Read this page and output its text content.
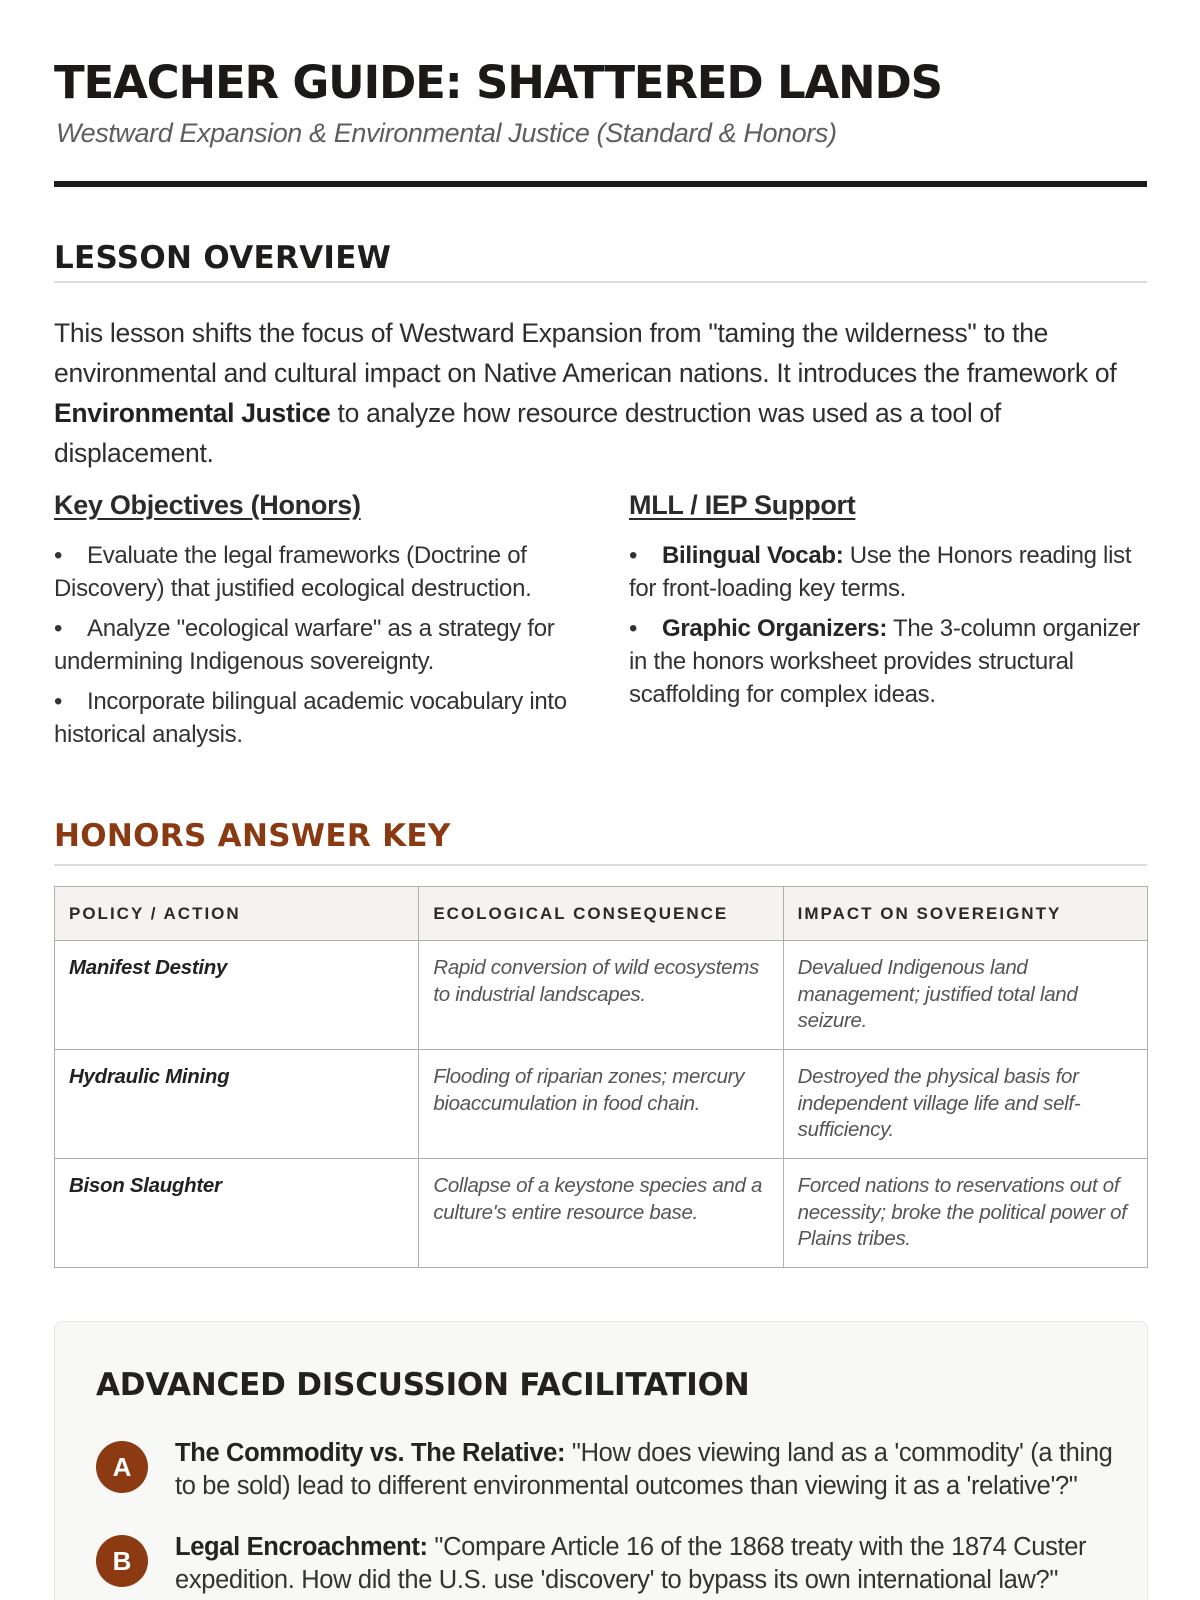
TEACHER GUIDE: SHATTERED LANDS
Westward Expansion & Environmental Justice (Standard & Honors)
LESSON OVERVIEW

This lesson shifts the focus of Westward Expansion from "taming the wilderness" to the environmental and cultural impact on Native American nations. It introduces the framework of Environmental Justice to analyze how resource destruction was used as a tool of displacement.

Key Objectives (Honors)
• Evaluate the legal frameworks (Doctrine of Discovery) that justified ecological destruction.
• Analyze "ecological warfare" as a strategy for undermining Indigenous sovereignty.
• Incorporate bilingual academic vocabulary into historical analysis.
MLL / IEP Support
• Bilingual Vocab: Use the Honors reading list for front-loading key terms.
• Graphic Organizers: The 3-column organizer in the honors worksheet provides structural scaffolding for complex ideas.
HONORS ANSWER KEY
POLICY / ACTION	ECOLOGICAL CONSEQUENCE	IMPACT ON SOVEREIGNTY
Manifest Destiny	Rapid conversion of wild ecosystems to industrial landscapes.	Devalued Indigenous land management; justified total land seizure.
Hydraulic Mining	Flooding of riparian zones; mercury bioaccumulation in food chain.	Destroyed the physical basis for independent village life and self-sufficiency.
Bison Slaughter	Collapse of a keystone species and a culture's entire resource base.	Forced nations to reservations out of necessity; broke the political power of Plains tribes.
ADVANCED DISCUSSION FACILITATION
A	The Commodity vs. The Relative: "How does viewing land as a 'commodity' (a thing to be sold) lead to different environmental outcomes than viewing it as a 'relative'?"

B	Legal Encroachment: "Compare Article 16 of the 1868 treaty with the 1874 Custer expedition. How did the U.S. use 'discovery' to bypass its own international law?"
